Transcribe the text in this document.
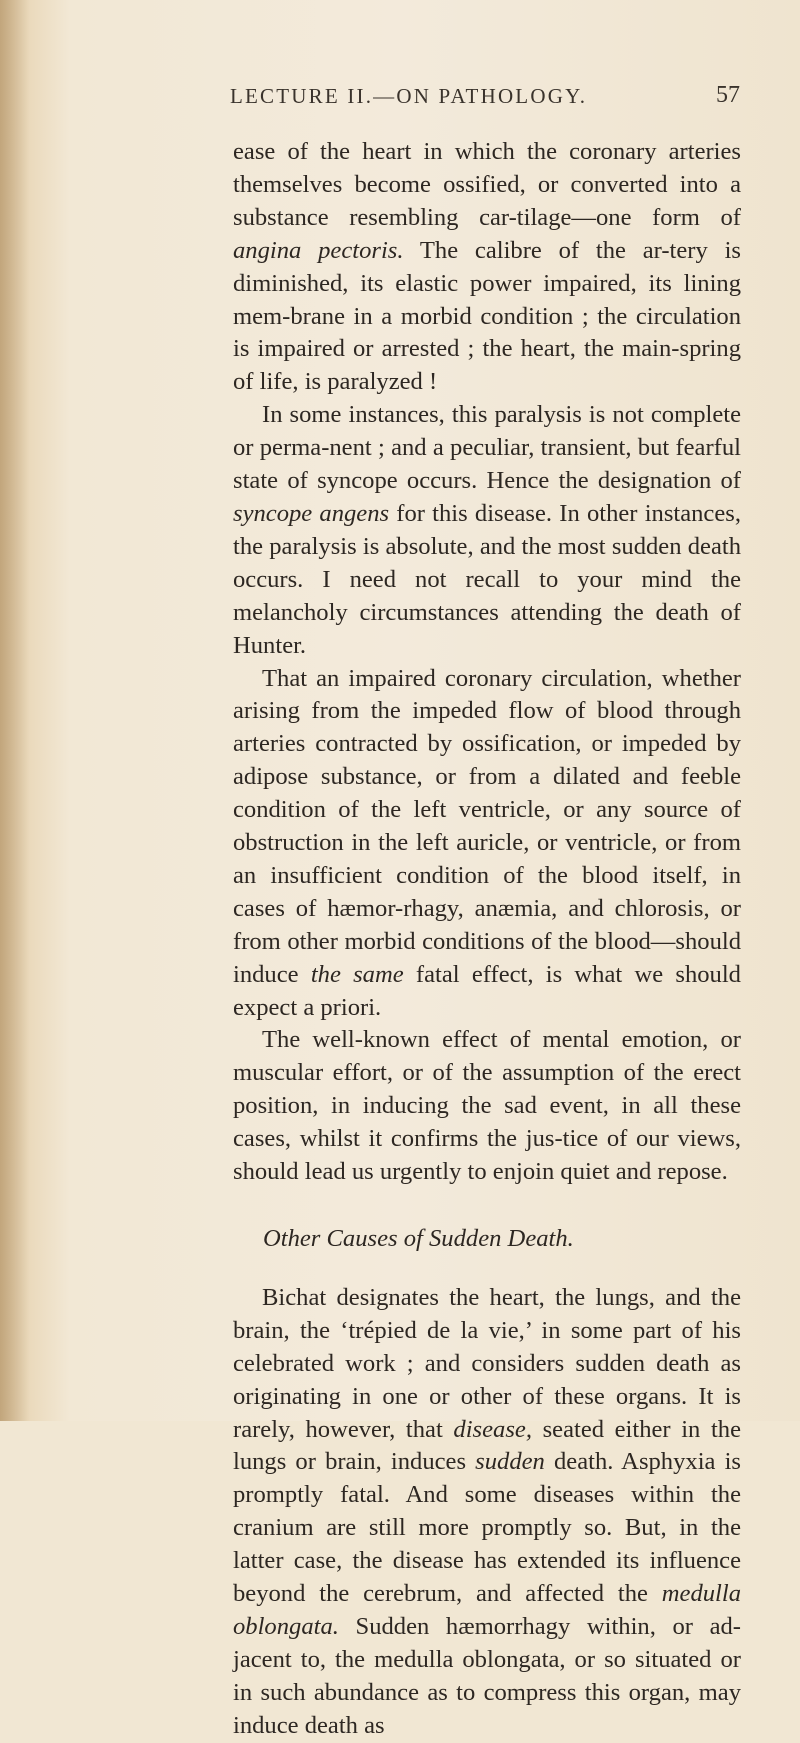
LECTURE II.—ON PATHOLOGY.	57

ease of the heart in which the coronary arteries themselves become ossified, or converted into a substance resembling car-tilage—one form of angina pectoris. The calibre of the ar-tery is diminished, its elastic power impaired, its lining mem-brane in a morbid condition ; the circulation is impaired or arrested ; the heart, the main-spring of life, is paralyzed !

In some instances, this paralysis is not complete or perma-nent ; and a peculiar, transient, but fearful state of syncope occurs. Hence the designation of syncope angens for this disease. In other instances, the paralysis is absolute, and the most sudden death occurs. I need not recall to your mind the melancholy circumstances attending the death of Hunter.

That an impaired coronary circulation, whether arising from the impeded flow of blood through arteries contracted by ossification, or impeded by adipose substance, or from a dilated and feeble condition of the left ventricle, or any source of obstruction in the left auricle, or ventricle, or from an insufficient condition of the blood itself, in cases of hæmor-rhagy, anæmia, and chlorosis, or from other morbid conditions of the blood—should induce the same fatal effect, is what we should expect a priori.

The well-known effect of mental emotion, or muscular effort, or of the assumption of the erect position, in inducing the sad event, in all these cases, whilst it confirms the jus-tice of our views, should lead us urgently to enjoin quiet and repose.

Other Causes of Sudden Death.

Bichat designates the heart, the lungs, and the brain, the ‘trépied de la vie,’ in some part of his celebrated work ; and considers sudden death as originating in one or other of these organs. It is rarely, however, that disease, seated either in the lungs or brain, induces sudden death. Asphyxia is promptly fatal. And some diseases within the cranium are still more promptly so. But, in the latter case, the disease has extended its influence beyond the cerebrum, and affected the medulla oblongata. Sudden hæmorrhagy within, or ad-jacent to, the medulla oblongata, or so situated or in such abundance as to compress this organ, may induce death as
